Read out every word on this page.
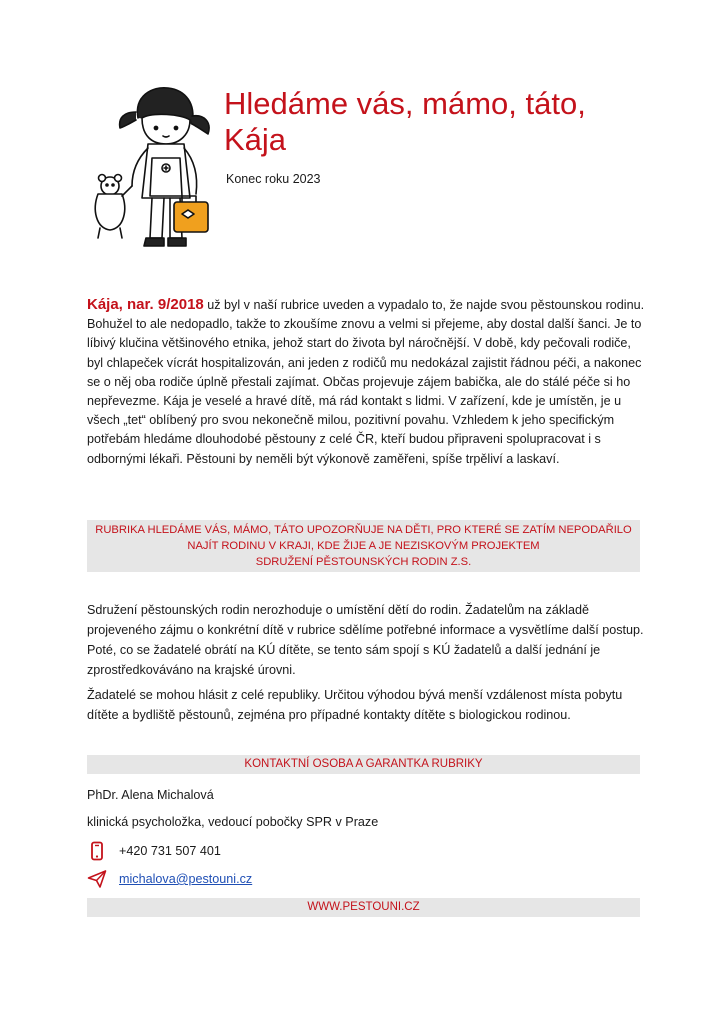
Hledáme vás, mámo, táto,
Kája
Konec roku 2023

Kája, nar. 9/2018 už byl v naší rubrice uveden a vypadalo to, že najde svou pěstounskou rodinu. Bohužel to ale nedopadlo, takže to zkoušíme znovu a velmi si přejeme, aby dostal další šanci. Je to líbivý klučina většinového etnika, jehož start do života byl náročnější. V době, kdy pečovali rodiče, byl chlapeček vícrát hospitalizován, ani jeden z rodičů mu nedokázal zajistit řádnou péči, a nakonec se o něj oba rodiče úplně přestali zajímat. Občas projevuje zájem babička, ale do stálé péče si ho nepřevezme. Kája je veselé a hravé dítě, má rád kontakt s lidmi. V zařízení, kde je umístěn, je u všech „tet“ oblíbený pro svou nekonečně milou, pozitivní povahu. Vzhledem k jeho specifickým potřebám hledáme dlouhodobé pěstouny z celé ČR, kteří budou připraveni spolupracovat i s odbornými lékaři. Pěstouni by neměli být výkonově zaměřeni, spíše trpěliví a laskaví.

RUBRIKA HLEDÁME VÁS, MÁMO, TÁTO UPOZORŇUJE NA DĚTI, PRO KTERÉ SE ZATÍM NEPODAŘILO
NAJÍT RODINU V KRAJI, KDE ŽIJE A JE NEZISKOVÝM PROJEKTEM
SDRUŽENÍ PĚSTOUNSKÝCH RODIN Z.S.

Sdružení pěstounských rodin nerozhoduje o umístění dětí do rodin. Žadatelům na základě projeveného zájmu o konkrétní dítě v rubrice sdělíme potřebné informace a vysvětlíme další postup. Poté, co se žadatelé obrátí na KÚ dítěte, se tento sám spojí s KÚ žadatelů a další jednání je zprostředkováváno na krajské úrovni.

Žadatelé se mohou hlásit z celé republiky. Určitou výhodou bývá menší vzdálenost místa pobytu dítěte a bydliště pěstounů, zejména pro případné kontakty dítěte s biologickou rodinou.

KONTAKTNÍ OSOBA A GARANTKA RUBRIKY
PhDr. Alena Michalová
klinická psycholožka, vedoucí pobočky SPR v Praze
+420 731 507 401
michalova@pestouni.cz
WWW.PESTOUNI.CZ
